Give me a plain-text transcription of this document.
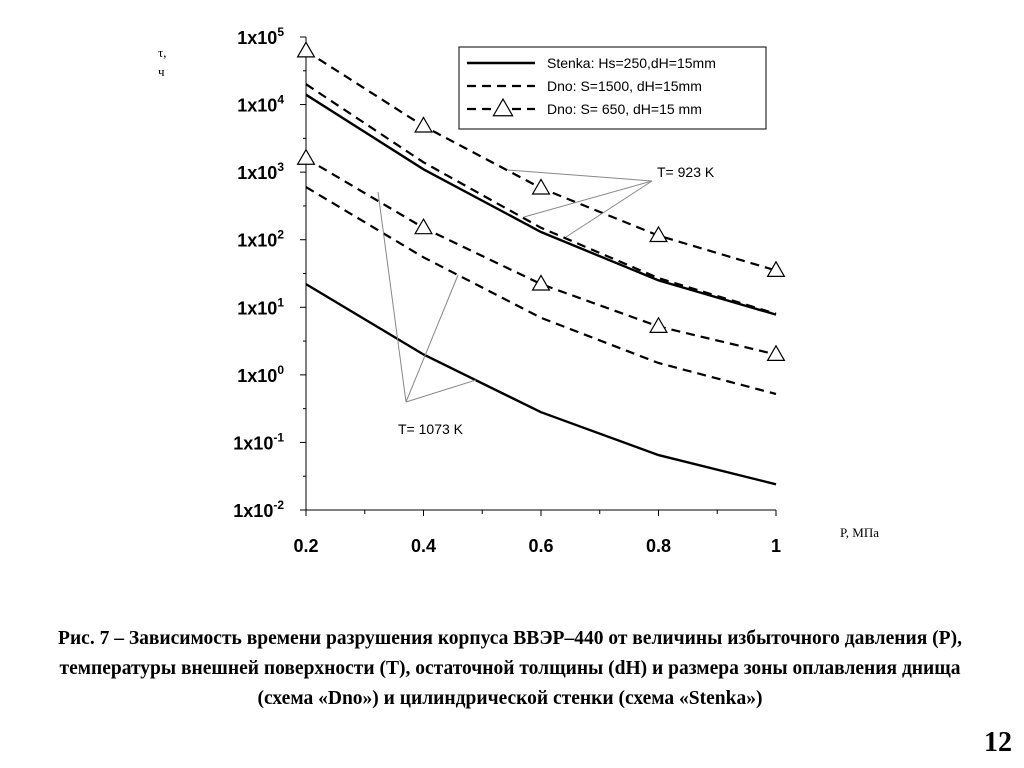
$1x10^5$
$1x10^4$
$1x10^3$
$1x10^2$
$1x10^1$
$1x10^0$
$1x10^{-1}$
$1x10^{-2}$
0.2	0.4	0.6	0.8	1
T= 923 K
T= 1073 K
Stenka: Hs=250,dH=15mm
Dno: S=1500, dH=15mm
Dno: S= 650, dH=15 mm
τ,
ч
P, МПа
Рис. 7 – Зависимость времени разрушения корпуса ВВЭР–440 от величины избыточного давления (P), температуры внешней поверхности (T), остаточной толщины (dH) и размера зоны оплавления днища (схема «Dno») и цилиндрической стенки (схема «Stenka»)
12
